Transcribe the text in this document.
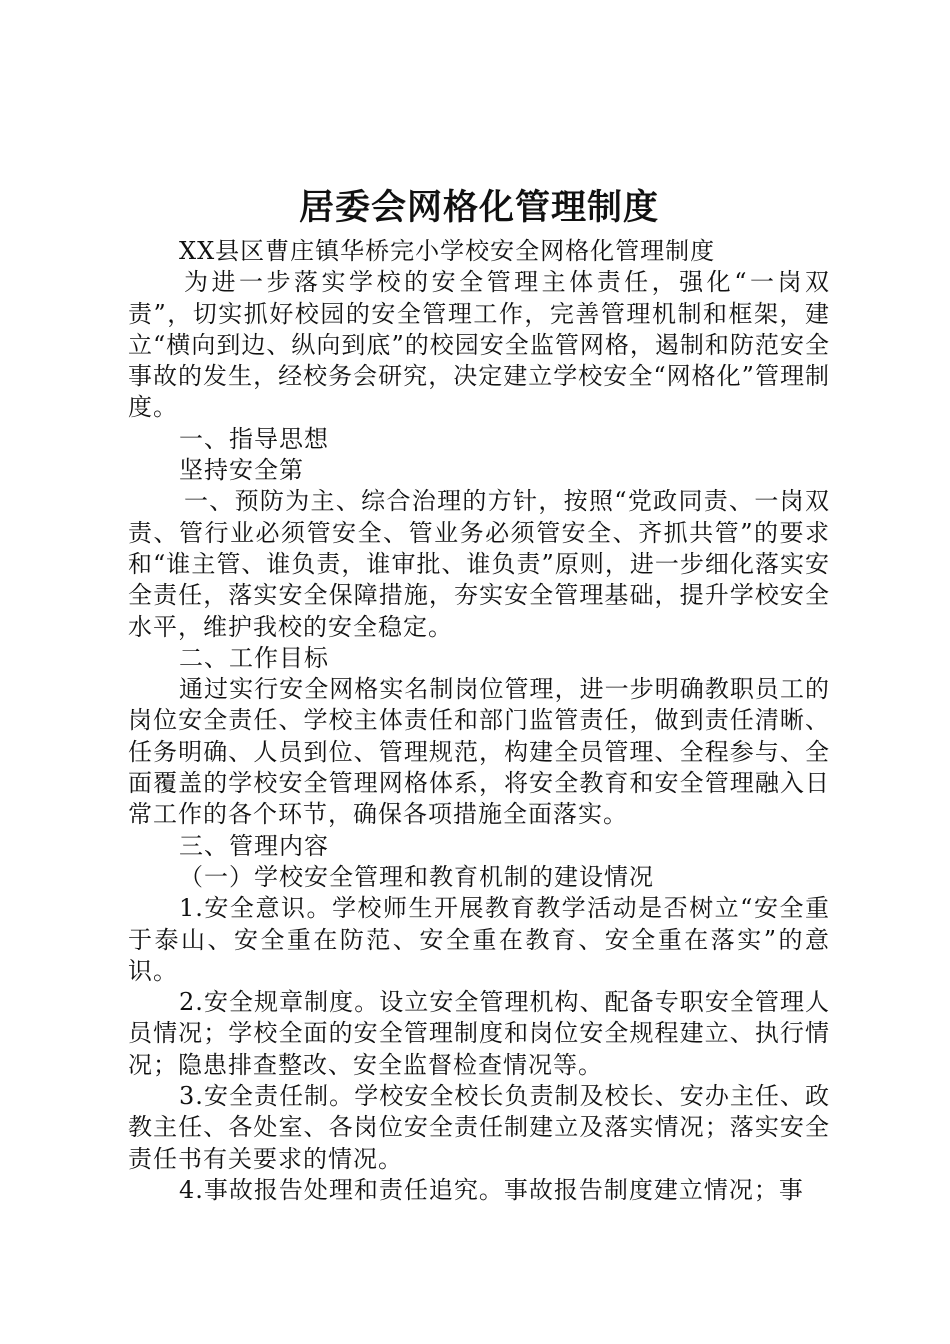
居委会网格化管理制度

XX县区曹庄镇华桥完小学校安全网格化管理制度

为进一步落实学校的安全管理主体责任，强化“一岗双责”，切实抓好校园的安全管理工作，完善管理机制和框架，建立“横向到边、纵向到底”的校园安全监管网格，遏制和防范安全事故的发生，经校务会研究，决定建立学校安全“网格化”管理制度。

一、指导思想

坚持安全第

一、预防为主、综合治理的方针，按照“党政同责、一岗双责、管行业必须管安全、管业务必须管安全、齐抓共管”的要求和“谁主管、谁负责，谁审批、谁负责”原则，进一步细化落实安全责任，落实安全保障措施，夯实安全管理基础，提升学校安全水平，维护我校的安全稳定。

二、工作目标

通过实行安全网格实名制岗位管理，进一步明确教职员工的岗位安全责任、学校主体责任和部门监管责任，做到责任清晰、任务明确、人员到位、管理规范，构建全员管理、全程参与、全面覆盖的学校安全管理网格体系，将安全教育和安全管理融入日常工作的各个环节，确保各项措施全面落实。

三、管理内容

（一）学校安全管理和教育机制的建设情况

1.安全意识。学校师生开展教育教学活动是否树立“安全重于泰山、安全重在防范、安全重在教育、安全重在落实”的意识。

2.安全规章制度。设立安全管理机构、配备专职安全管理人员情况；学校全面的安全管理制度和岗位安全规程建立、执行情况；隐患排查整改、安全监督检查情况等。

3.安全责任制。学校安全校长负责制及校长、安办主任、政教主任、各处室、各岗位安全责任制建立及落实情况；落实安全责任书有关要求的情况。

4.事故报告处理和责任追究。事故报告制度建立情况；事
